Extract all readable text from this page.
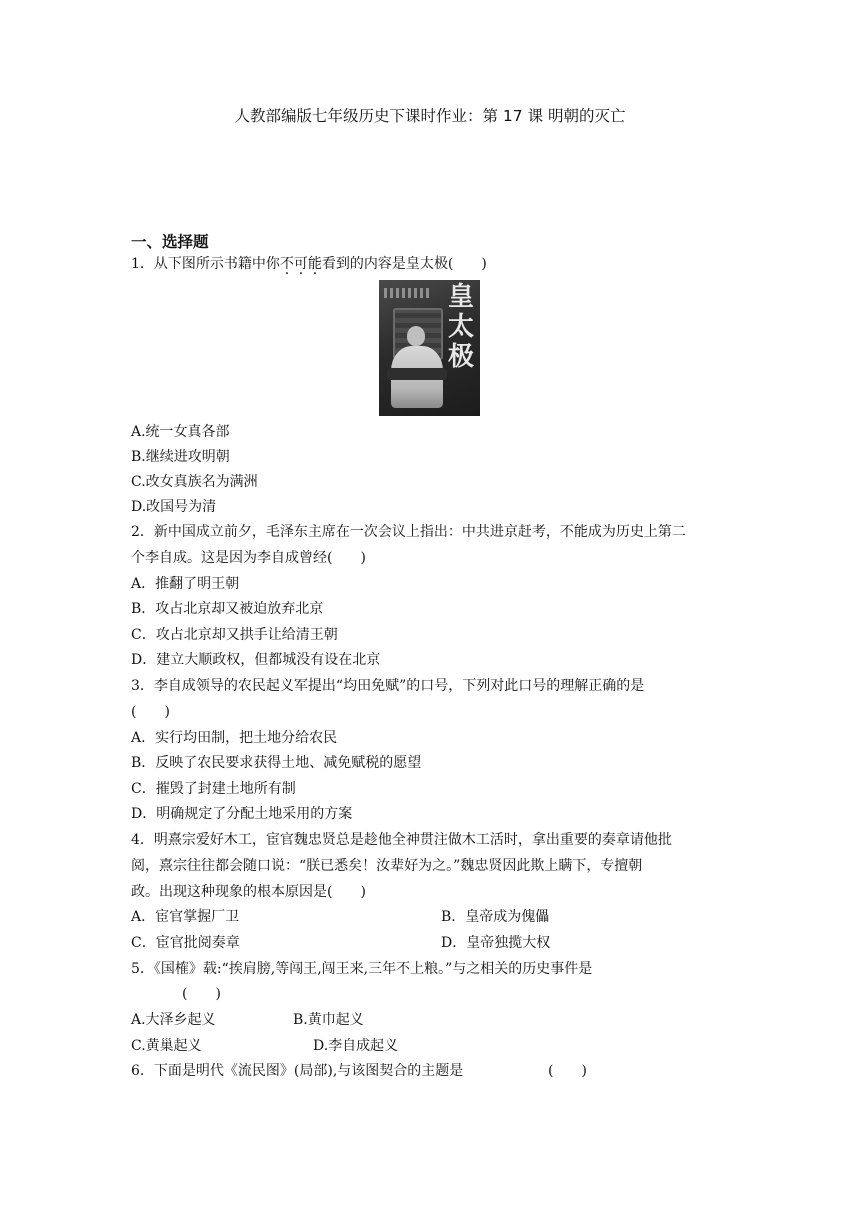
人教部编版七年级历史下课时作业：第 17 课 明朝的灭亡
一、选择题
1．从下图所示书籍中你不可能看到的内容是皇太极(　　)
皇太极
A.统一女真各部
B.继续进攻明朝
C.改女真族名为满洲
D.改国号为清
2．新中国成立前夕，毛泽东主席在一次会议上指出：中共进京赶考，不能成为历史上第二
个李自成。这是因为李自成曾经(　　)
A．推翻了明王朝
B．攻占北京却又被迫放弃北京
C．攻占北京却又拱手让给清王朝
D．建立大顺政权，但都城没有设在北京
3．李自成领导的农民起义军提出“均田免赋”的口号，下列对此口号的理解正确的是
(　　)
A．实行均田制，把土地分给农民
B．反映了农民要求获得土地、减免赋税的愿望
C．摧毁了封建土地所有制
D．明确规定了分配土地采用的方案
4．明熹宗爱好木工，宦官魏忠贤总是趁他全神贯注做木工活时，拿出重要的奏章请他批
阅，熹宗往往都会随口说：“朕已悉矣！汝辈好为之。”魏忠贤因此欺上瞒下，专擅朝
政。出现这种现象的根本原因是(　　)
A．宦官掌握厂卫	B．皇帝成为傀儡
C．宦官批阅奏章	D．皇帝独揽大权
5．《国榷》载:“挨肩膀,等闯王,闯王来,三年不上粮。”与之相关的历史事件是
(　　)
A.大泽乡起义	B.黄巾起义
C.黄巢起义	D.李自成起义
6．下面是明代《流民图》(局部),与该图契合的主题是	(　　)
